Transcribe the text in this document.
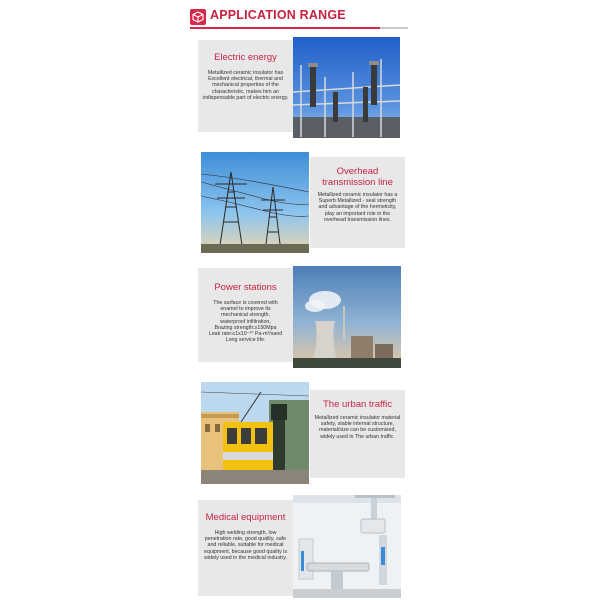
APPLICATION RANGE
Electric energy
Metallized ceramic insulator has Excellent electrical, thermal and mechanical properties of the characteristic, makes him an indispensable part of electric energy.
Overhead transmission line
Metallized ceramic insulator has a Superb Metallized - seal strength and advantage of the hermeticity, play an important role in the overhead transmission lines.
Power stations
The surface is covered with
enamel to improve its
mechanical strength,
waterproof infiltration,
Brazing strength:≥150Mpa
Leak rate:≤1x10⁻¹⁰ Pa-m³/sand
Long service life.
The urban traffic
Metallized ceramic insulator material safety, stable internal structure, material/size can be customized, widely used in The urban traffic.
Medical equipment
High welding strength, low penetration rate, good quality, safe and reliable, suitable for medical equipment, because good quality is widely used in the medical industry.
